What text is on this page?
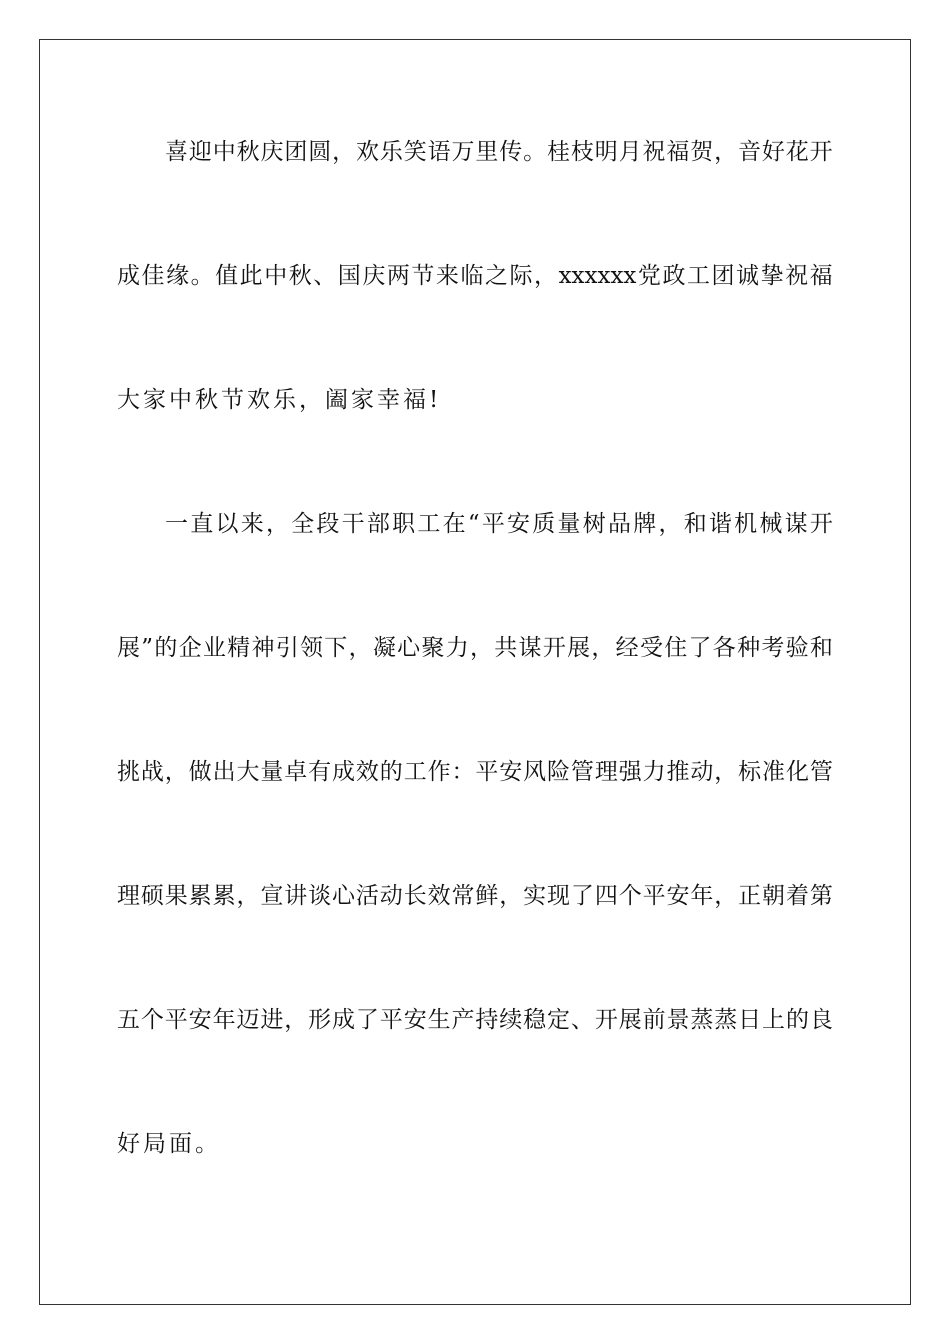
喜 迎 中 秋 庆 团 圆 ， 欢 乐 笑 语 万 里 传 。 桂 枝 明 月 祝 福 贺 ， 音 好 花 开
成 佳 缘 。 值 此 中 秋 、 国 庆 两 节 来 临 之 际 ， xxxxxx 党 政 工 团 诚 挚 祝 福
大家中秋节欢乐，阖家幸福!
一 直 以 来 ， 全 段 干 部 职 工 在 “ 平 安 质 量 树 品 牌 ， 和 谐 机 械 谋 开
展 ” 的 企 业 精 神 引 领 下 ， 凝 心 聚 力 ， 共 谋 开 展 ， 经 受 住 了 各 种 考 验 和
挑 战 ， 做 出 大 量 卓 有 成 效 的 工 作 ： 平 安 风 险 管 理 强 力 推 动 ， 标 准 化 管
理 硕 果 累 累 ， 宣 讲 谈 心 活 动 长 效 常 鲜 ， 实 现 了 四 个 平 安 年 ， 正 朝 着 第
五 个 平 安 年 迈 进 ， 形 成 了 平 安 生 产 持 续 稳 定 、 开 展 前 景 蒸 蒸 日 上 的 良
好局面。
